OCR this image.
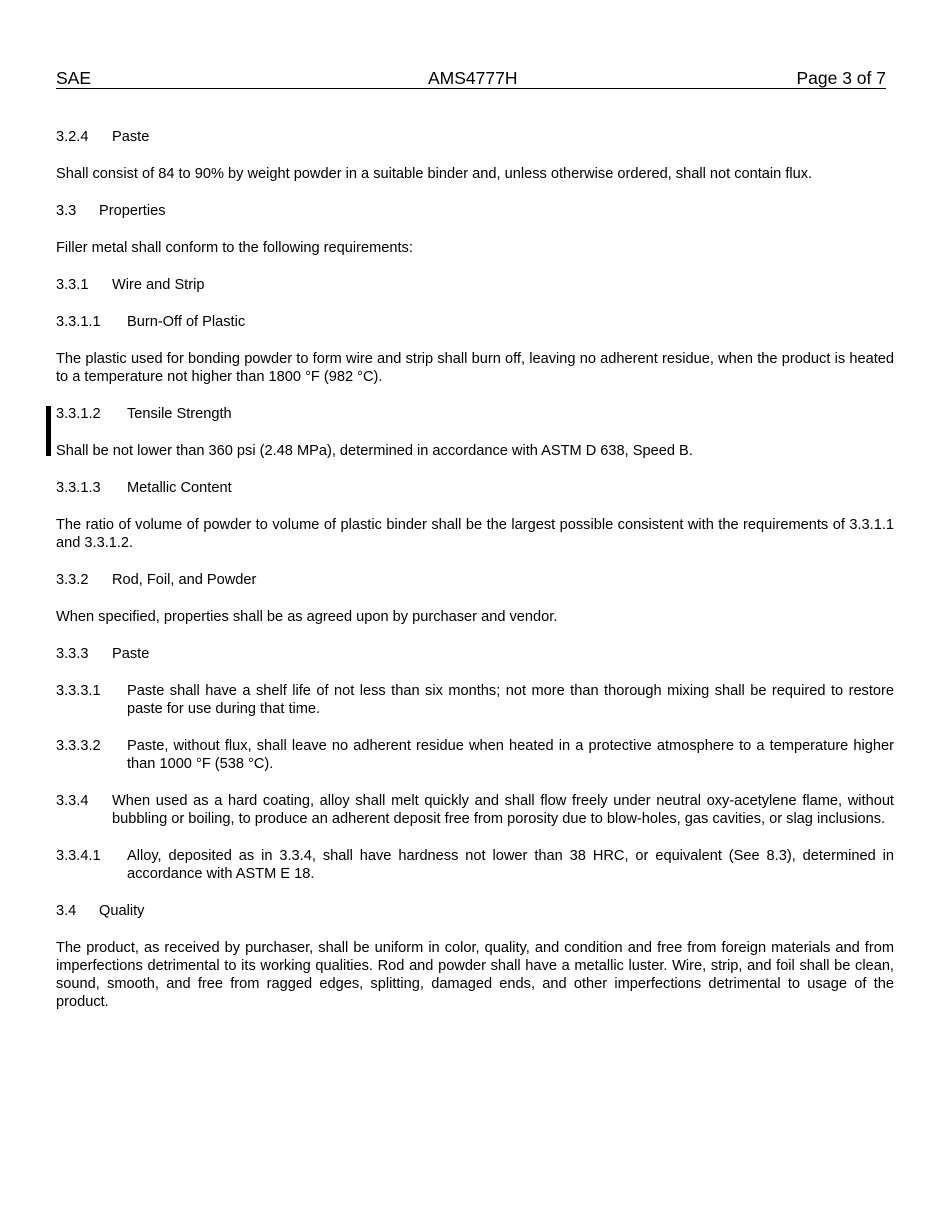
SAE	AMS4777H	Page 3 of 7
3.2.4 Paste
Shall consist of 84 to 90% by weight powder in a suitable binder and, unless otherwise ordered, shall not contain flux.
3.3 Properties
Filler metal shall conform to the following requirements:
3.3.1 Wire and Strip
3.3.1.1 Burn-Off of Plastic
The plastic used for bonding powder to form wire and strip shall burn off, leaving no adherent residue, when the product is heated to a temperature not higher than 1800 °F (982 °C).
3.3.1.2 Tensile Strength
Shall be not lower than 360 psi (2.48 MPa), determined in accordance with ASTM D 638, Speed B.
3.3.1.3 Metallic Content
The ratio of volume of powder to volume of plastic binder shall be the largest possible consistent with the requirements of 3.3.1.1 and 3.3.1.2.
3.3.2 Rod, Foil, and Powder
When specified, properties shall be as agreed upon by purchaser and vendor.
3.3.3 Paste
3.3.3.1 Paste shall have a shelf life of not less than six months; not more than thorough mixing shall be required to restore paste for use during that time.
3.3.3.2 Paste, without flux, shall leave no adherent residue when heated in a protective atmosphere to a temperature higher than 1000 °F (538 °C).
3.3.4 When used as a hard coating, alloy shall melt quickly and shall flow freely under neutral oxy-acetylene flame, without bubbling or boiling, to produce an adherent deposit free from porosity due to blow-holes, gas cavities, or slag inclusions.
3.3.4.1 Alloy, deposited as in 3.3.4, shall have hardness not lower than 38 HRC, or equivalent (See 8.3), determined in accordance with ASTM E 18.
3.4 Quality
The product, as received by purchaser, shall be uniform in color, quality, and condition and free from foreign materials and from imperfections detrimental to its working qualities. Rod and powder shall have a metallic luster. Wire, strip, and foil shall be clean, sound, smooth, and free from ragged edges, splitting, damaged ends, and other imperfections detrimental to usage of the product.
